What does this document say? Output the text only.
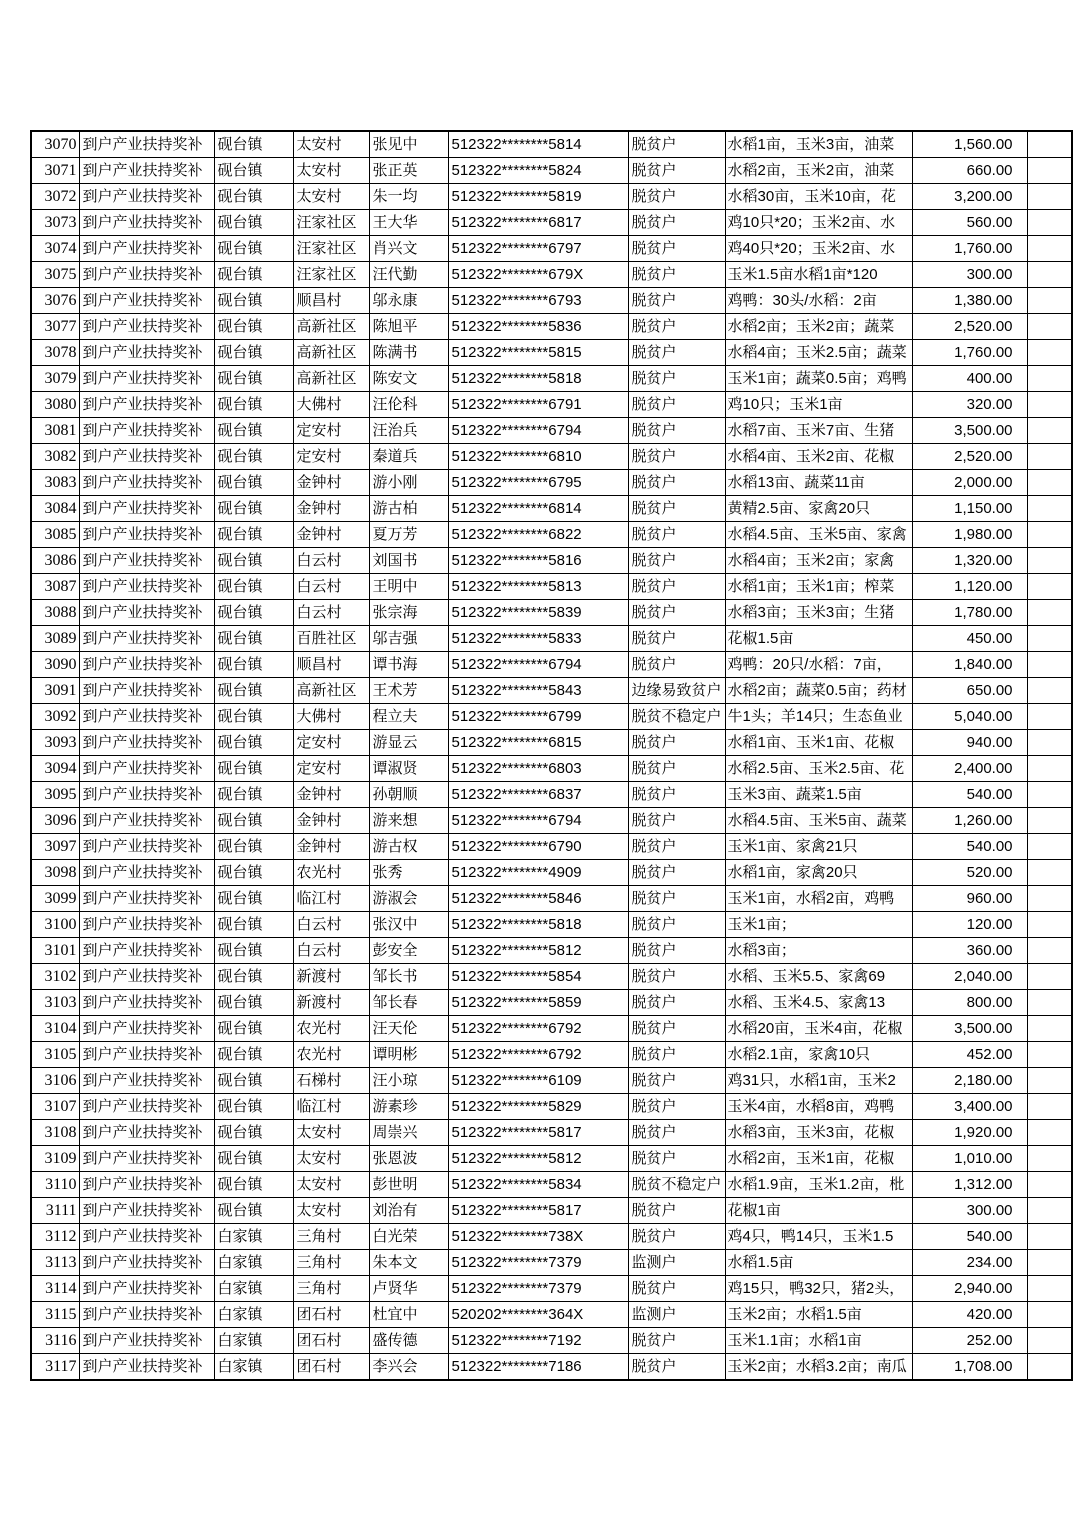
3070	到户产业扶持奖补	砚台镇	太安村	张见中	512322********5814	脱贫户	水稻1亩，玉米3亩，油菜	1,560.00	
3071	到户产业扶持奖补	砚台镇	太安村	张正英	512322********5824	脱贫户	水稻2亩，玉米2亩，油菜	660.00	
3072	到户产业扶持奖补	砚台镇	太安村	朱一均	512322********5819	脱贫户	水稻30亩，玉米10亩，花	3,200.00	
3073	到户产业扶持奖补	砚台镇	汪家社区	王大华	512322********6817	脱贫户	鸡10只*20；玉米2亩、水	560.00	
3074	到户产业扶持奖补	砚台镇	汪家社区	肖兴文	512322********6797	脱贫户	鸡40只*20；玉米2亩、水	1,760.00	
3075	到户产业扶持奖补	砚台镇	汪家社区	汪代勤	512322********679X	脱贫户	玉米1.5亩水稻1亩*120	300.00	
3076	到户产业扶持奖补	砚台镇	顺昌村	邬永康	512322********6793	脱贫户	鸡鸭：30头/水稻：2亩	1,380.00	
3077	到户产业扶持奖补	砚台镇	高新社区	陈旭平	512322********5836	脱贫户	水稻2亩；玉米2亩；蔬菜	2,520.00	
3078	到户产业扶持奖补	砚台镇	高新社区	陈满书	512322********5815	脱贫户	水稻4亩；玉米2.5亩；蔬菜	1,760.00	
3079	到户产业扶持奖补	砚台镇	高新社区	陈安文	512322********5818	脱贫户	玉米1亩；蔬菜0.5亩；鸡鸭	400.00	
3080	到户产业扶持奖补	砚台镇	大佛村	汪伦科	512322********6791	脱贫户	鸡10只；玉米1亩	320.00	
3081	到户产业扶持奖补	砚台镇	定安村	汪治兵	512322********6794	脱贫户	水稻7亩、玉米7亩、生猪	3,500.00	
3082	到户产业扶持奖补	砚台镇	定安村	秦道兵	512322********6810	脱贫户	水稻4亩、玉米2亩、花椒	2,520.00	
3083	到户产业扶持奖补	砚台镇	金钟村	游小刚	512322********6795	脱贫户	水稻13亩、蔬菜11亩	2,000.00	
3084	到户产业扶持奖补	砚台镇	金钟村	游古柏	512322********6814	脱贫户	黄精2.5亩、家禽20只	1,150.00	
3085	到户产业扶持奖补	砚台镇	金钟村	夏万芳	512322********6822	脱贫户	水稻4.5亩、玉米5亩、家禽	1,980.00	
3086	到户产业扶持奖补	砚台镇	白云村	刘国书	512322********5816	脱贫户	水稻4亩；玉米2亩；家禽	1,320.00	
3087	到户产业扶持奖补	砚台镇	白云村	王明中	512322********5813	脱贫户	水稻1亩；玉米1亩；榨菜	1,120.00	
3088	到户产业扶持奖补	砚台镇	白云村	张宗海	512322********5839	脱贫户	水稻3亩；玉米3亩；生猪	1,780.00	
3089	到户产业扶持奖补	砚台镇	百胜社区	邬吉强	512322********5833	脱贫户	花椒1.5亩	450.00	
3090	到户产业扶持奖补	砚台镇	顺昌村	谭书海	512322********6794	脱贫户	鸡鸭：20只/水稻：7亩，	1,840.00	
3091	到户产业扶持奖补	砚台镇	高新社区	王术芳	512322********5843	边缘易致贫户	水稻2亩；蔬菜0.5亩；药材	650.00	
3092	到户产业扶持奖补	砚台镇	大佛村	程立夫	512322********6799	脱贫不稳定户	牛1头；羊14只；生态鱼业	5,040.00	
3093	到户产业扶持奖补	砚台镇	定安村	游显云	512322********6815	脱贫户	水稻1亩、玉米1亩、花椒	940.00	
3094	到户产业扶持奖补	砚台镇	定安村	谭淑贤	512322********6803	脱贫户	水稻2.5亩、玉米2.5亩、花	2,400.00	
3095	到户产业扶持奖补	砚台镇	金钟村	孙朝顺	512322********6837	脱贫户	玉米3亩、蔬菜1.5亩	540.00	
3096	到户产业扶持奖补	砚台镇	金钟村	游来想	512322********6794	脱贫户	水稻4.5亩、玉米5亩、蔬菜	1,260.00	
3097	到户产业扶持奖补	砚台镇	金钟村	游古权	512322********6790	脱贫户	玉米1亩、家禽21只	540.00	
3098	到户产业扶持奖补	砚台镇	农光村	张秀	512322********4909	脱贫户	水稻1亩，家禽20只	520.00	
3099	到户产业扶持奖补	砚台镇	临江村	游淑会	512322********5846	脱贫户	玉米1亩，水稻2亩，鸡鸭	960.00	
3100	到户产业扶持奖补	砚台镇	白云村	张汉中	512322********5818	脱贫户	玉米1亩；	120.00	
3101	到户产业扶持奖补	砚台镇	白云村	彭安全	512322********5812	脱贫户	水稻3亩；	360.00	
3102	到户产业扶持奖补	砚台镇	新渡村	邹长书	512322********5854	脱贫户	水稻、玉米5.5、家禽69	2,040.00	
3103	到户产业扶持奖补	砚台镇	新渡村	邹长春	512322********5859	脱贫户	水稻、玉米4.5、家禽13	800.00	
3104	到户产业扶持奖补	砚台镇	农光村	汪天伦	512322********6792	脱贫户	水稻20亩，玉米4亩，花椒	3,500.00	
3105	到户产业扶持奖补	砚台镇	农光村	谭明彬	512322********6792	脱贫户	水稻2.1亩，家禽10只	452.00	
3106	到户产业扶持奖补	砚台镇	石梯村	汪小琼	512322********6109	脱贫户	鸡31只，水稻1亩，玉米2	2,180.00	
3107	到户产业扶持奖补	砚台镇	临江村	游素珍	512322********5829	脱贫户	玉米4亩，水稻8亩，鸡鸭	3,400.00	
3108	到户产业扶持奖补	砚台镇	太安村	周崇兴	512322********5817	脱贫户	水稻3亩，玉米3亩，花椒	1,920.00	
3109	到户产业扶持奖补	砚台镇	太安村	张恩波	512322********5812	脱贫户	水稻2亩，玉米1亩，花椒	1,010.00	
3110	到户产业扶持奖补	砚台镇	太安村	彭世明	512322********5834	脱贫不稳定户	水稻1.9亩，玉米1.2亩，枇	1,312.00	
3111	到户产业扶持奖补	砚台镇	太安村	刘治有	512322********5817	脱贫户	花椒1亩	300.00	
3112	到户产业扶持奖补	白家镇	三角村	白光荣	512322********738X	脱贫户	鸡4只，鸭14只，玉米1.5	540.00	
3113	到户产业扶持奖补	白家镇	三角村	朱本文	512322********7379	监测户	水稻1.5亩	234.00	
3114	到户产业扶持奖补	白家镇	三角村	卢贤华	512322********7379	脱贫户	鸡15只，鸭32只，猪2头，	2,940.00	
3115	到户产业扶持奖补	白家镇	团石村	杜宜中	520202********364X	监测户	玉米2亩；水稻1.5亩	420.00	
3116	到户产业扶持奖补	白家镇	团石村	盛传德	512322********7192	脱贫户	玉米1.1亩；水稻1亩	252.00	
3117	到户产业扶持奖补	白家镇	团石村	李兴会	512322********7186	脱贫户	玉米2亩；水稻3.2亩；南瓜	1,708.00	
